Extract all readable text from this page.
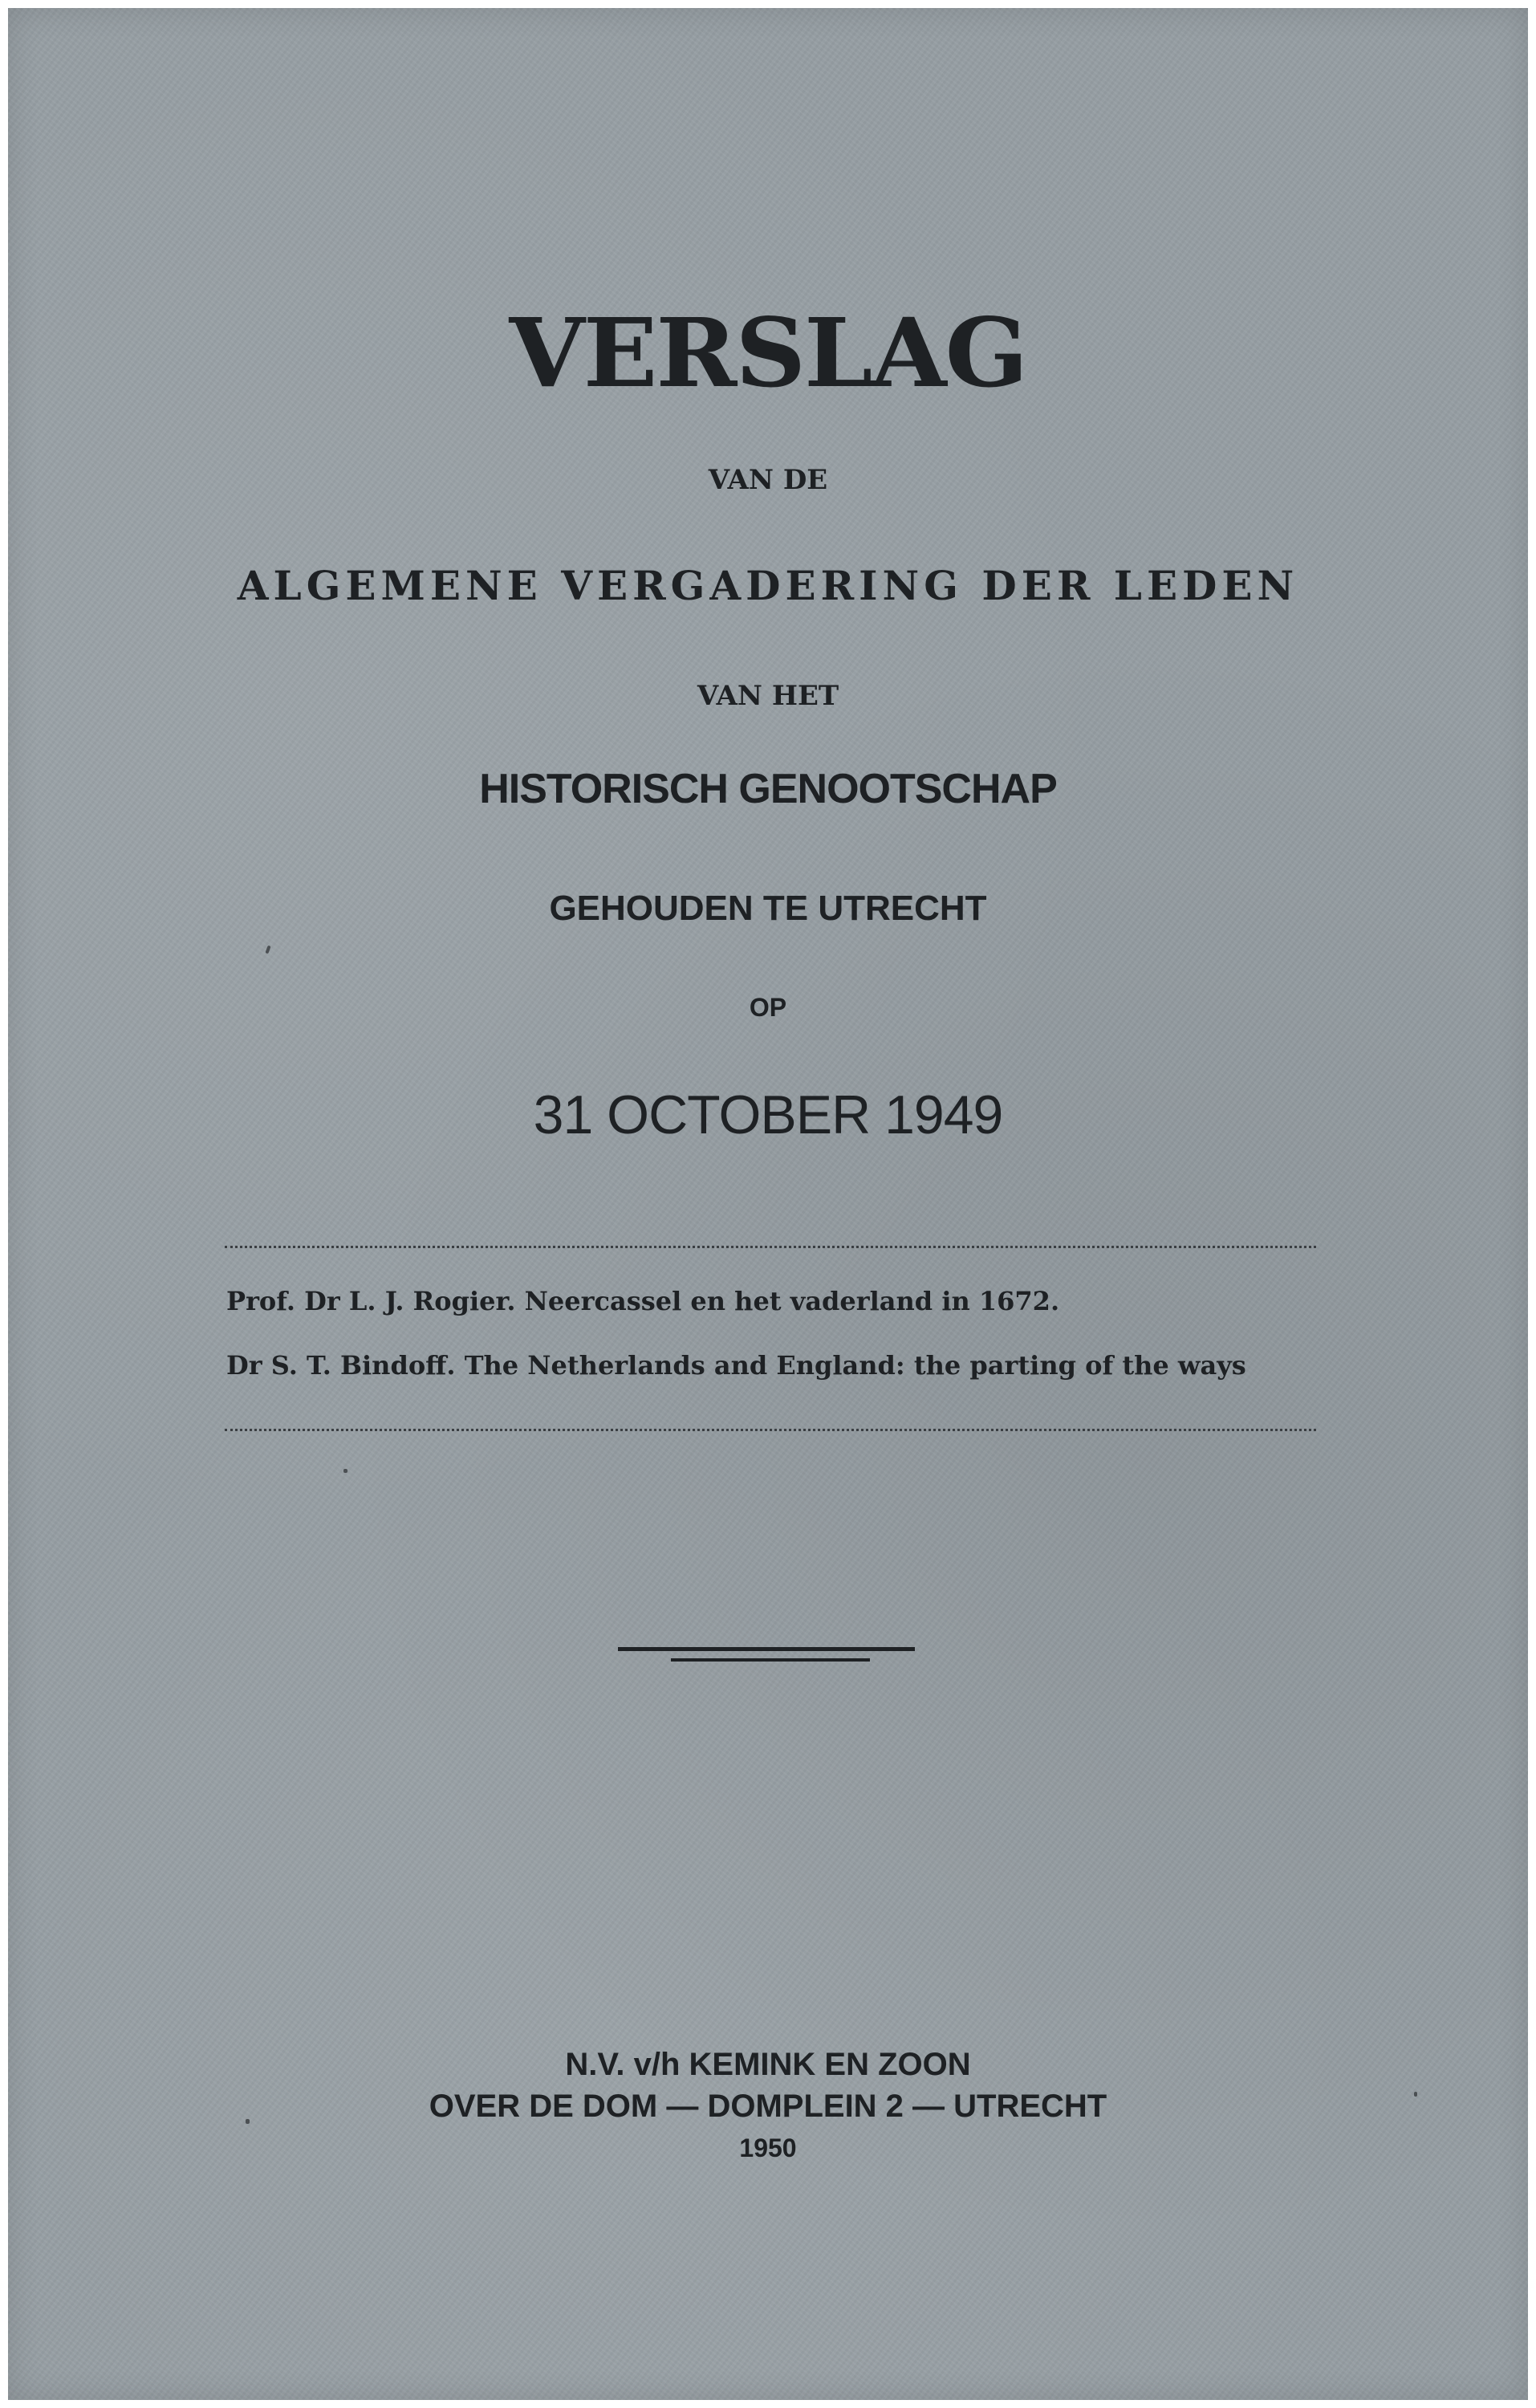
VERSLAG

VAN DE

ALGEMENE VERGADERING DER LEDEN

VAN HET

HISTORISCH GENOOTSCHAP

GEHOUDEN TE UTRECHT

OP

31 OCTOBER 1949

Prof. Dr L. J. Rogier. Neercassel en het vaderland in 1672.

Dr S. T. Bindoff. The Netherlands and England: the parting of the ways

N.V. v/h KEMINK EN ZOON

OVER DE DOM — DOMPLEIN 2 — UTRECHT

1950
